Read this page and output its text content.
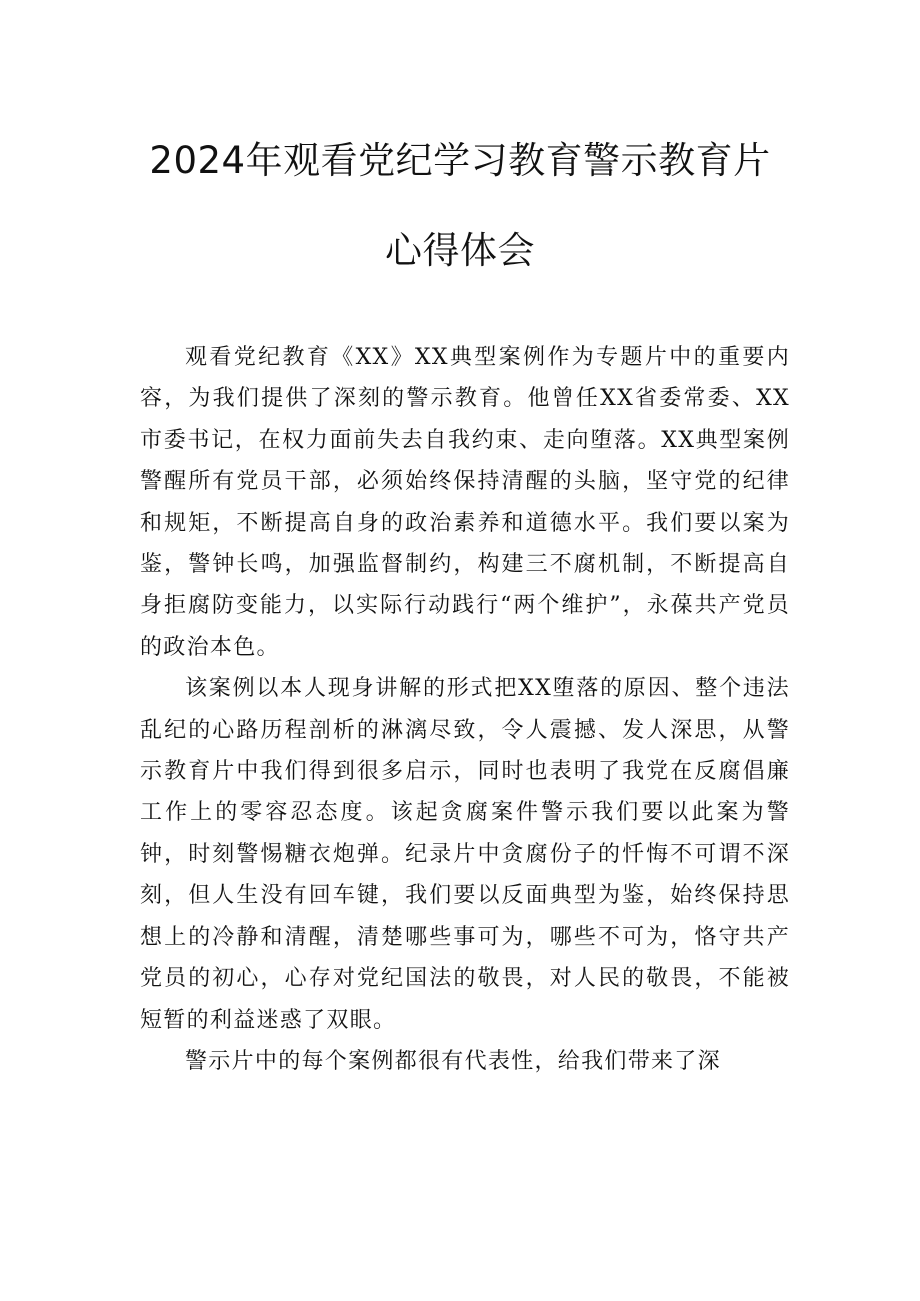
2024年观看党纪学习教育警示教育片
心得体会

观看党纪教育《XX》XX典型案例作为专题片中的重要内容，为我们提供了深刻的警示教育。他曾任XX省委常委、XX市委书记，在权力面前失去自我约束、走向堕落。XX典型案例警醒所有党员干部，必须始终保持清醒的头脑，坚守党的纪律和规矩，不断提高自身的政治素养和道德水平。我们要以案为鉴，警钟长鸣，加强监督制约，构建三不腐机制，不断提高自身拒腐防变能力，以实际行动践行“两个维护”，永葆共产党员的政治本色。

该案例以本人现身讲解的形式把XX堕落的原因、整个违法乱纪的心路历程剖析的淋漓尽致，令人震撼、发人深思，从警示教育片中我们得到很多启示，同时也表明了我党在反腐倡廉工作上的零容忍态度。该起贪腐案件警示我们要以此案为警钟，时刻警惕糖衣炮弹。纪录片中贪腐份子的忏悔不可谓不深刻，但人生没有回车键，我们要以反面典型为鉴，始终保持思想上的冷静和清醒，清楚哪些事可为，哪些不可为，恪守共产党员的初心，心存对党纪国法的敬畏，对人民的敬畏，不能被短暂的利益迷惑了双眼。

警示片中的每个案例都很有代表性，给我们带来了深
